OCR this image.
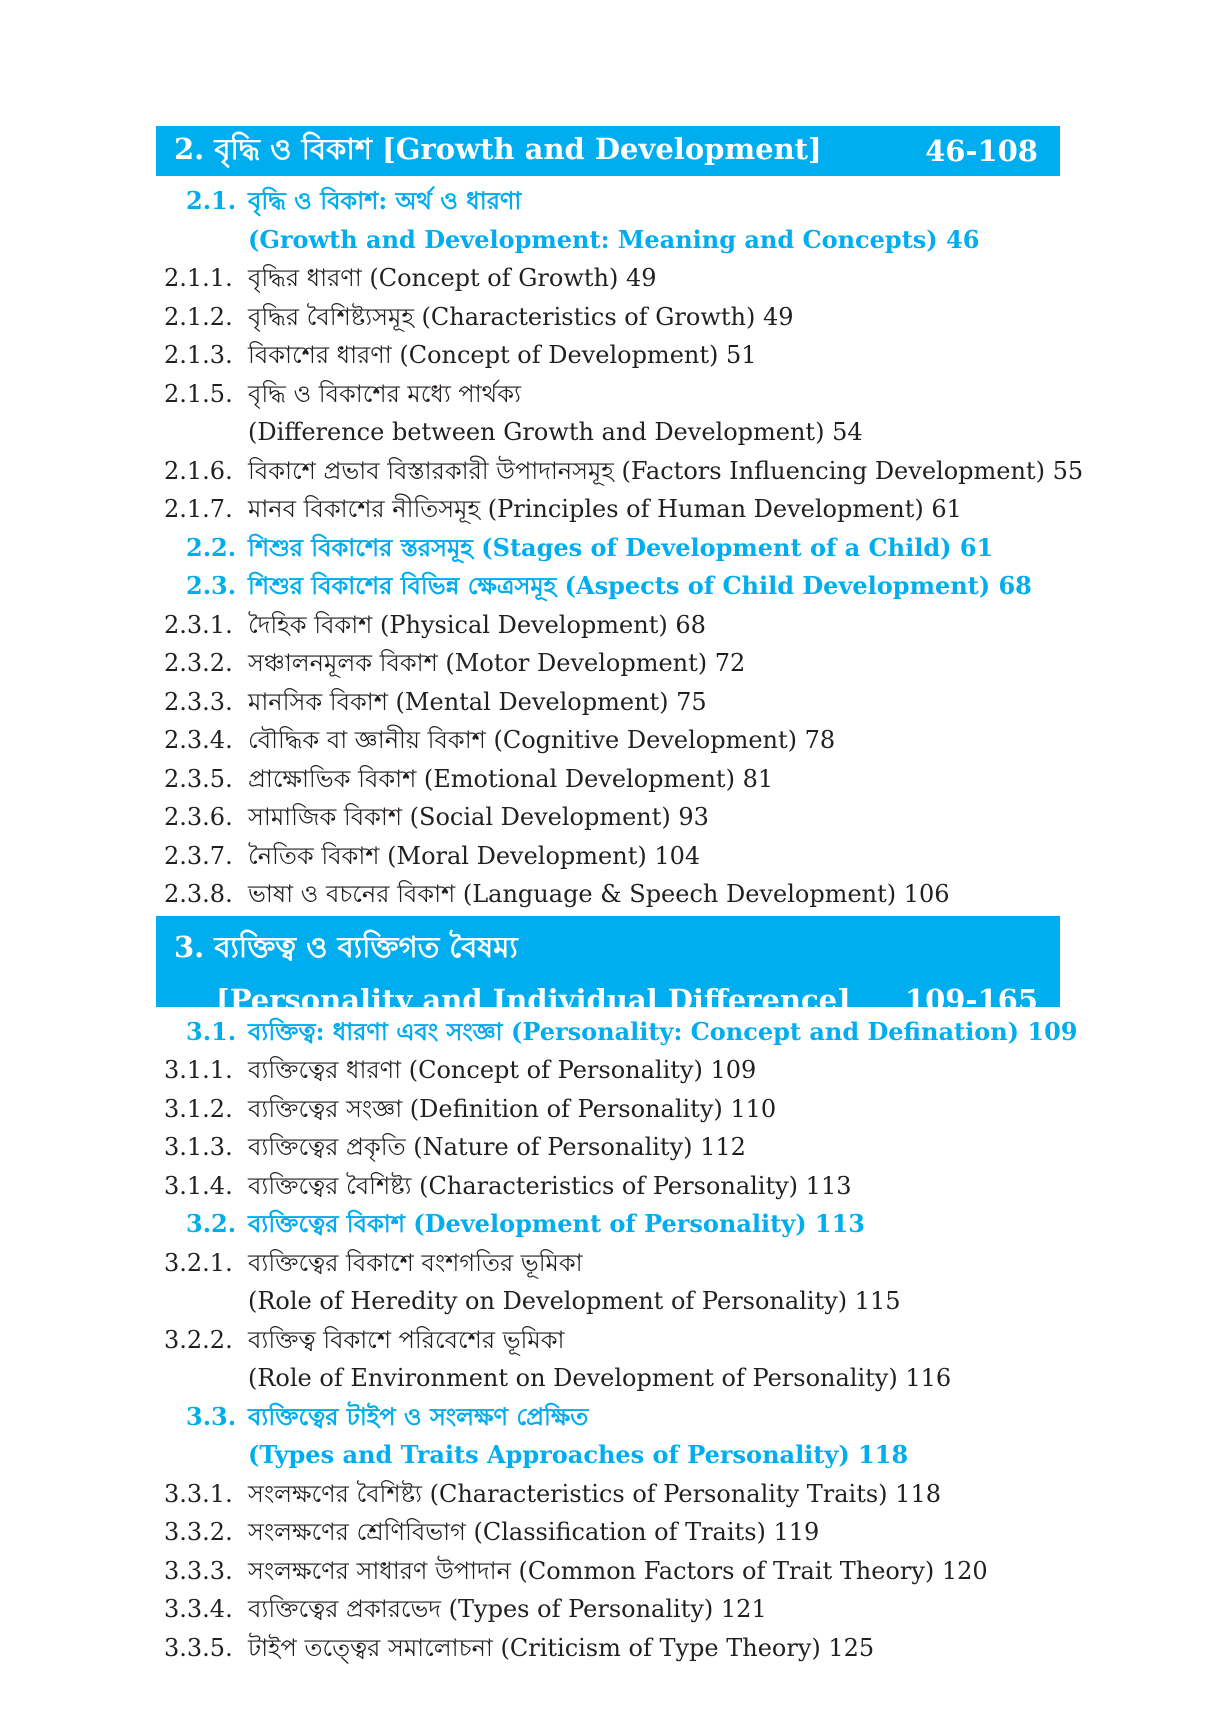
2. বৃদ্ধি ও বিকাশ [Growth and Development]	46-108
2.1. বৃদ্ধি ও বিকাশ: অর্থ ও ধারণা
(Growth and Development: Meaning and Concepts) 46
2.1.1. বৃদ্ধির ধারণা (Concept of Growth) 49
2.1.2. বৃদ্ধির বৈশিষ্ট্যসমূহ (Characteristics of Growth) 49
2.1.3. বিকাশের ধারণা (Concept of Development) 51
2.1.5. বৃদ্ধি ও বিকাশের মধ্যে পার্থক্য
(Difference between Growth and Development) 54
2.1.6. বিকাশে প্রভাব বিস্তারকারী উপাদানসমূহ (Factors Influencing Development) 55
2.1.7. মানব বিকাশের নীতিসমূহ (Principles of Human Development) 61
2.2. শিশুর বিকাশের স্তরসমূহ (Stages of Development of a Child) 61
2.3. শিশুর বিকাশের বিভিন্ন ক্ষেত্রসমূহ (Aspects of Child Development) 68
2.3.1. দৈহিক বিকাশ (Physical Development) 68
2.3.2. সঞ্চালনমূলক বিকাশ (Motor Development) 72
2.3.3. মানসিক বিকাশ (Mental Development) 75
2.3.4. বৌদ্ধিক বা জ্ঞানীয় বিকাশ (Cognitive Development) 78
2.3.5. প্রাক্ষোভিক বিকাশ (Emotional Development) 81
2.3.6. সামাজিক বিকাশ (Social Development) 93
2.3.7. নৈতিক বিকাশ (Moral Development) 104
2.3.8. ভাষা ও বচনের বিকাশ (Language & Speech Development) 106
3. ব্যক্তিত্ব ও ব্যক্তিগত বৈষম্য
[Personality and Individual Difference] 109-165
3.1. ব্যক্তিত্ব: ধারণা এবং সংজ্ঞা (Personality: Concept and Defination) 109
3.1.1. ব্যক্তিত্বের ধারণা (Concept of Personality) 109
3.1.2. ব্যক্তিত্বের সংজ্ঞা (Definition of Personality) 110
3.1.3. ব্যক্তিত্বের প্রকৃতি (Nature of Personality) 112
3.1.4. ব্যক্তিত্বের বৈশিষ্ট্য (Characteristics of Personality) 113
3.2. ব্যক্তিত্বের বিকাশ (Development of Personality) 113
3.2.1. ব্যক্তিত্বের বিকাশে বংশগতির ভূমিকা
(Role of Heredity on Development of Personality) 115
3.2.2. ব্যক্তিত্ব বিকাশে পরিবেশের ভূমিকা
(Role of Environment on Development of Personality) 116
3.3. ব্যক্তিত্বের টাইপ ও সংলক্ষণ প্রেক্ষিত
(Types and Traits Approaches of Personality) 118
3.3.1. সংলক্ষণের বৈশিষ্ট্য (Characteristics of Personality Traits) 118
3.3.2. সংলক্ষণের শ্রেণিবিভাগ (Classification of Traits) 119
3.3.3. সংলক্ষণের সাধারণ উপাদান (Common Factors of Trait Theory) 120
3.3.4. ব্যক্তিত্বের প্রকারভেদ (Types of Personality) 121
3.3.5. টাইপ তত্ত্বের সমালোচনা (Criticism of Type Theory) 125
